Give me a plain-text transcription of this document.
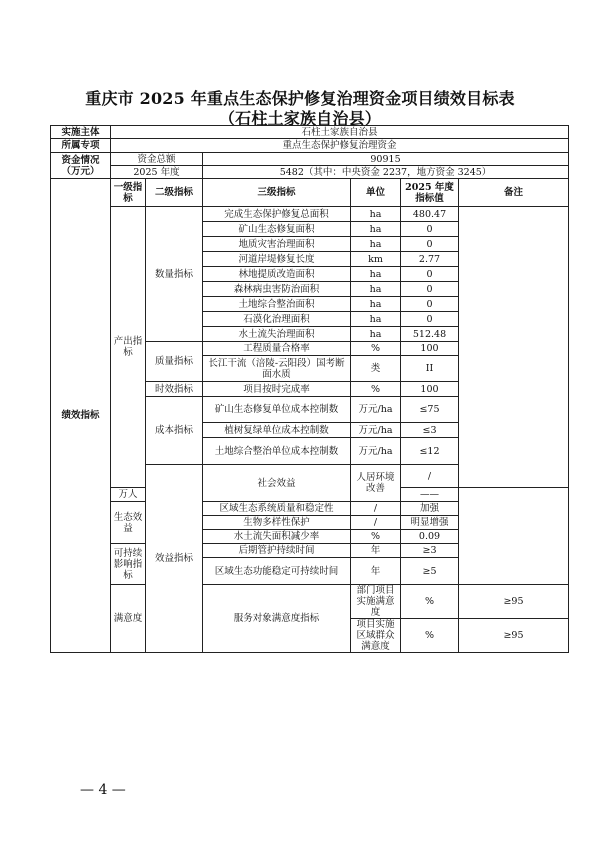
重庆市 2025 年重点生态保护修复治理资金项目绩效目标表
（石柱土家族自治县）
实施主体	石柱土家族自治县						
所属专项	重点生态保护修复治理资金						
资金情况（万元）	资金总额		90915				
	2025 年度		5482（其中：中央资金 2237，地方资金 3245）				
绩效指标	一级指标	二级指标	三级指标	单位	2025 年度指标值	备注	
	产出指标	数量指标	完成生态保护修复总面积	ha	480.47		
			矿山生态修复面积	ha	0		
			地质灾害治理面积	ha	0		
			河道岸堤修复长度	km	2.77		
			林地提质改造面积	ha	0		
			森林病虫害防治面积	ha	0		
			土地综合整治面积	ha	0		
			石漠化治理面积	ha	0		
			水土流失治理面积	ha	512.48		
		质量指标	工程质量合格率	%	100		
			长江干流（涪陵-云阳段）国考断面水质	类	II		
		时效指标	项目按时完成率	%	100		
		成本指标	矿山生态修复单位成本控制数	万元/ha	≤75		
			植树复绿单位成本控制数	万元/ha	≤3		
			土地综合整治单位成本控制数	万元/ha	≤12		
		效益指标	社会效益	人居环境改善	/		
	万人				——		
	生态效益		区域生态系统质量和稳定性	/	加强		
			生物多样性保护	/	明显增强		
			水土流失面积减少率	%	0.09		
	可持续影响指标		后期管护持续时间	年	≥3		
			区域生态功能稳定可持续时间	年	≥5		
	满意度		服务对象满意度指标	部门项目实施满意度	%	≥95	
				项目实施区域群众满意度	%	≥95	
— 4 —
